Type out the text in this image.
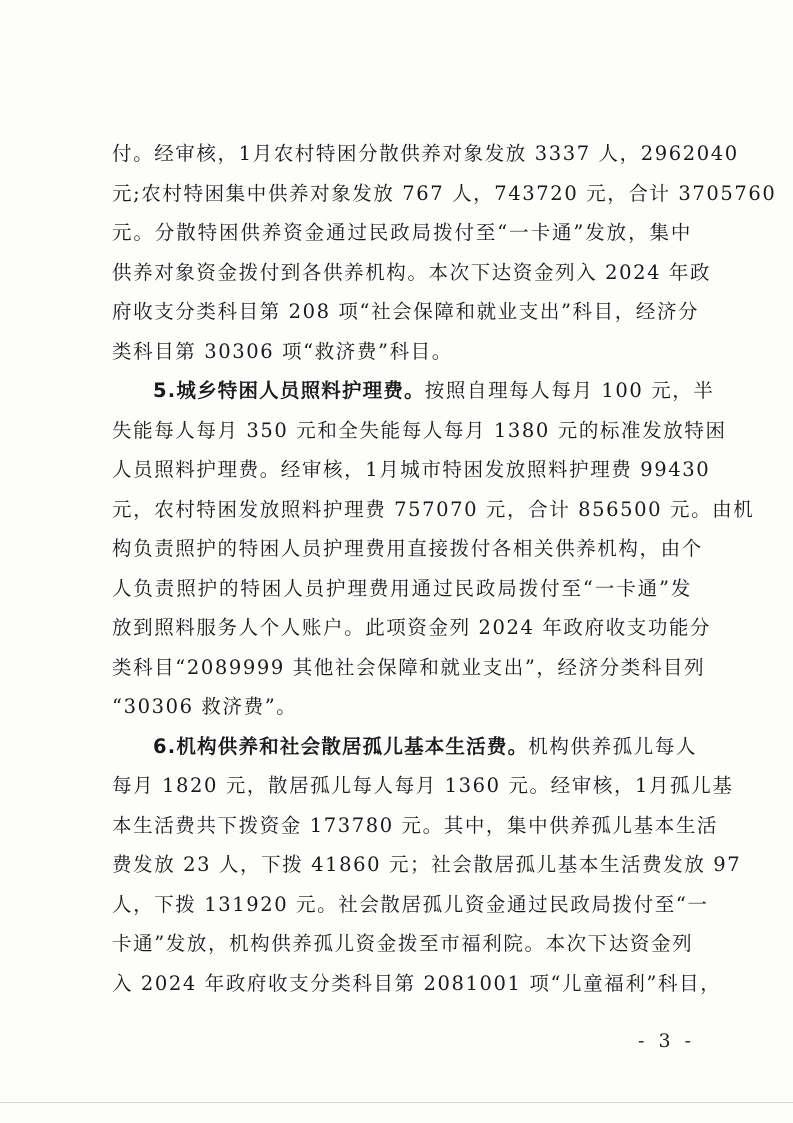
付。经审核，1月农村特困分散供养对象发放 3337 人，2962040
元;农村特困集中供养对象发放 767 人，743720 元，合计 3705760
元。分散特困供养资金通过民政局拨付至“一卡通”发放，集中
供养对象资金拨付到各供养机构。本次下达资金列入 2024 年政
府收支分类科目第 208 项“社会保障和就业支出”科目，经济分
类科目第 30306 项“救济费”科目。
5.城乡特困人员照料护理费。按照自理每人每月 100 元，半
失能每人每月 350 元和全失能每人每月 1380 元的标准发放特困
人员照料护理费。经审核，1月城市特困发放照料护理费 99430
元，农村特困发放照料护理费 757070 元，合计 856500 元。由机
构负责照护的特困人员护理费用直接拨付各相关供养机构，由个
人负责照护的特困人员护理费用通过民政局拨付至“一卡通”发
放到照料服务人个人账户。此项资金列 2024 年政府收支功能分
类科目“2089999 其他社会保障和就业支出”，经济分类科目列
“30306 救济费”。
6.机构供养和社会散居孤儿基本生活费。机构供养孤儿每人
每月 1820 元，散居孤儿每人每月 1360 元。经审核，1月孤儿基
本生活费共下拨资金 173780 元。其中，集中供养孤儿基本生活
费发放 23 人，下拨 41860 元；社会散居孤儿基本生活费发放 97
人，下拨 131920 元。社会散居孤儿资金通过民政局拨付至“一
卡通”发放，机构供养孤儿资金拨至市福利院。本次下达资金列
入 2024 年政府收支分类科目第 2081001 项“儿童福利”科目，
- 3 -
